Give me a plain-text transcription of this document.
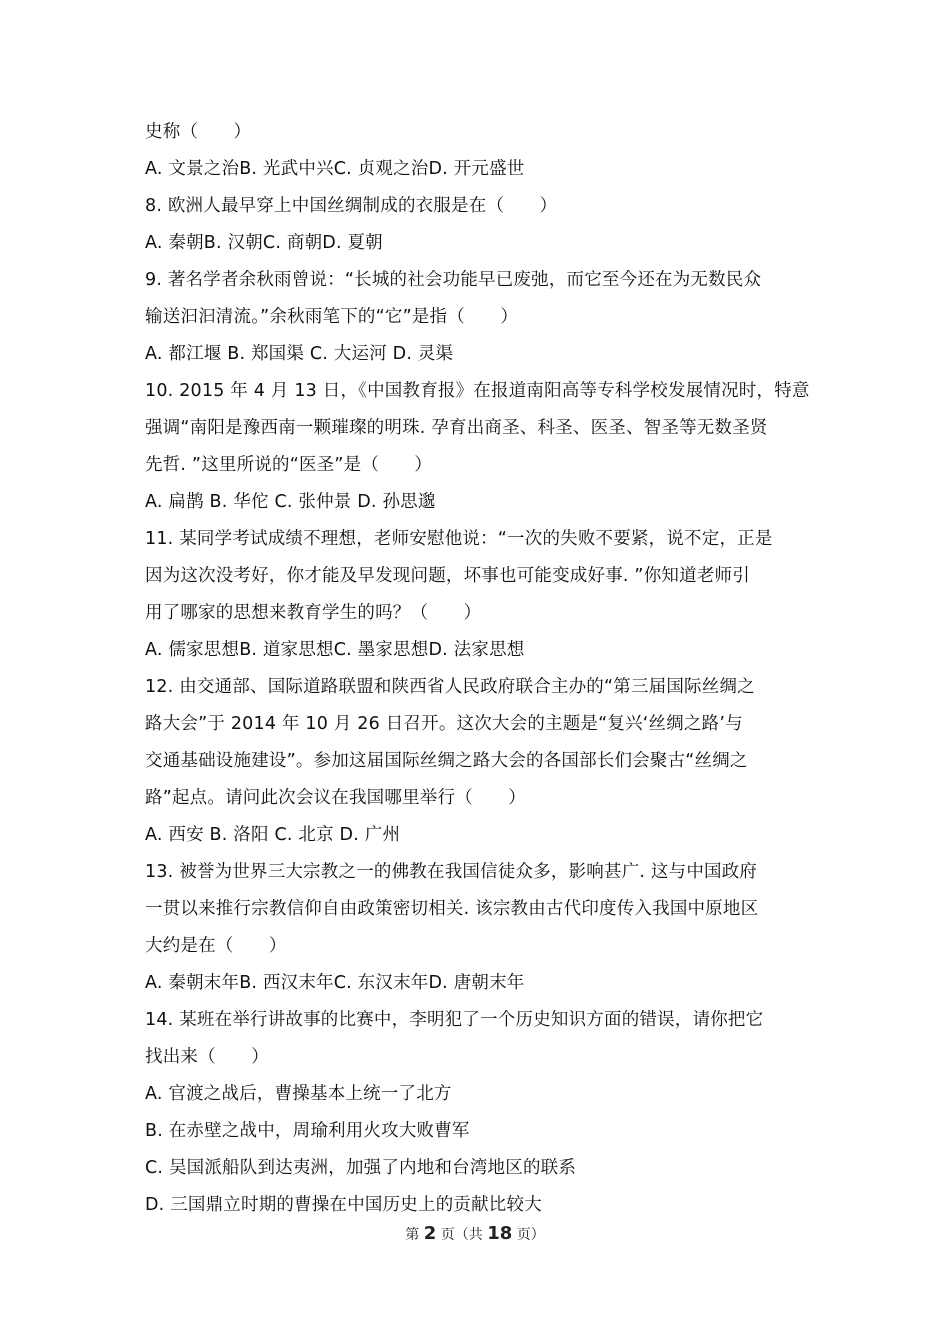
史称（　　）
A. 文景之治B. 光武中兴C. 贞观之治D. 开元盛世
8. 欧洲人最早穿上中国丝绸制成的衣服是在（　　）
A. 秦朝B. 汉朝C. 商朝D. 夏朝
9. 著名学者余秋雨曾说：“长城的社会功能早已废弛，而它至今还在为无数民众
输送汩汩清流。”余秋雨笔下的“它”是指（　　）
A. 都江堰 B. 郑国渠 C. 大运河 D. 灵渠
10. 2015 年 4 月 13 日，《中国教育报》在报道南阳高等专科学校发展情况时，特意
强调“南阳是豫西南一颗璀璨的明珠. 孕育出商圣、科圣、医圣、智圣等无数圣贤
先哲. ”这里所说的“医圣”是（　　）
A. 扁鹊 B. 华佗 C. 张仲景 D. 孙思邈
11. 某同学考试成绩不理想，老师安慰他说：“一次的失败不要紧，说不定，正是
因为这次没考好，你才能及早发现问题，坏事也可能变成好事. ”你知道老师引
用了哪家的思想来教育学生的吗？（　　）
A. 儒家思想B. 道家思想C. 墨家思想D. 法家思想
12. 由交通部、国际道路联盟和陕西省人民政府联合主办的“第三届国际丝绸之
路大会”于 2014 年 10 月 26 日召开。这次大会的主题是“复兴‘丝绸之路’与
交通基础设施建设”。参加这届国际丝绸之路大会的各国部长们会聚古“丝绸之
路”起点。请问此次会议在我国哪里举行（　　）
A. 西安 B. 洛阳 C. 北京 D. 广州
13. 被誉为世界三大宗教之一的佛教在我国信徒众多，影响甚广. 这与中国政府
一贯以来推行宗教信仰自由政策密切相关. 该宗教由古代印度传入我国中原地区
大约是在（　　）
A. 秦朝末年B. 西汉末年C. 东汉末年D. 唐朝末年
14. 某班在举行讲故事的比赛中，李明犯了一个历史知识方面的错误，请你把它
找出来（　　）
A. 官渡之战后，曹操基本上统一了北方
B. 在赤壁之战中，周瑜利用火攻大败曹军
C. 吴国派船队到达夷洲，加强了内地和台湾地区的联系
D. 三国鼎立时期的曹操在中国历史上的贡献比较大
第 2 页（共 18 页）
